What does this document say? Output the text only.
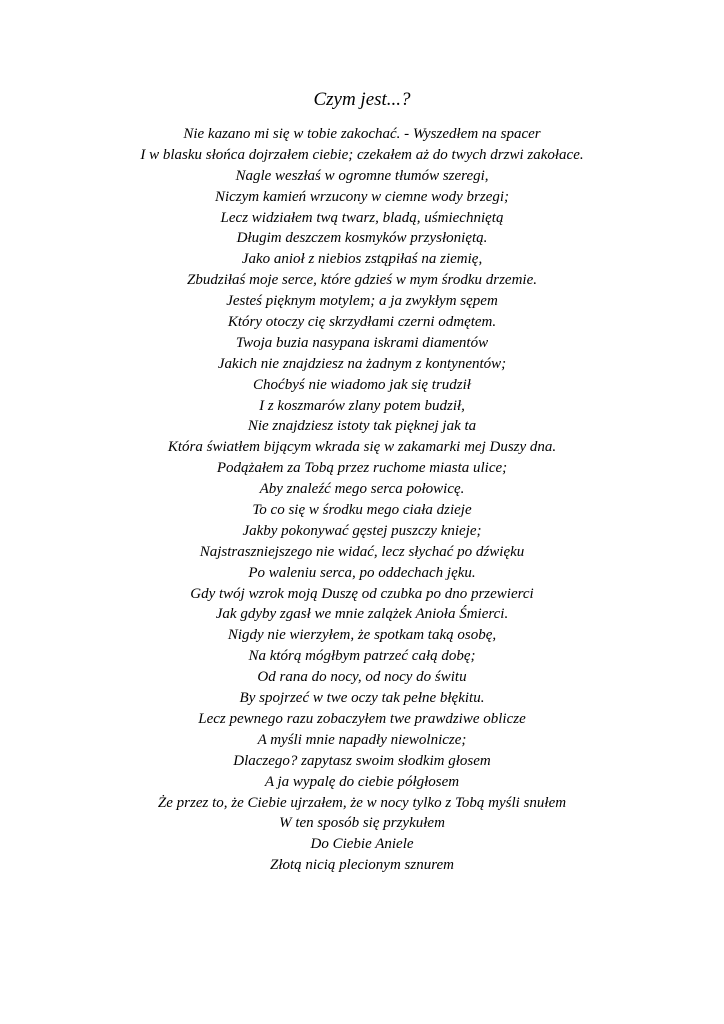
Czym jest...?
Nie kazano mi się w tobie zakochać. - Wyszedłem na spacer
I w blasku słońca dojrzałem ciebie; czekałem aż do twych drzwi zakołace.
Nagle weszłaś w ogromne tłumów szeregi,
Niczym kamień wrzucony w ciemne wody brzegi;
Lecz widziałem twą twarz, bladą, uśmiechniętą
Długim deszczem kosmyków przysłoniętą.
Jako anioł z niebios zstąpiłaś na ziemię,
Zbudziłaś moje serce, które gdzieś w mym środku drzemie.
Jesteś pięknym motylem; a ja zwykłym sępem
Który otoczy cię skrzydłami czerni odmętem.
Twoja buzia nasypana iskrami diamentów
Jakich nie znajdziesz na żadnym z kontynentów;
Choćbyś nie wiadomo jak się trudził
I z koszmarów zlany potem budził,
Nie znajdziesz istoty tak pięknej jak ta
Która światłem bijącym wkrada się w zakamarki mej Duszy dna.
Podążałem za Tobą przez ruchome miasta ulice;
Aby znaleźć mego serca połowicę.
To co się w środku mego ciała dzieje
Jakby pokonywać gęstej puszczy knieje;
Najstraszniejszego nie widać, lecz słychać po dźwięku
Po waleniu serca, po oddechach jęku.
Gdy twój wzrok moją Duszę od czubka po dno przewierci
Jak gdyby zgasł we mnie zalążek Anioła Śmierci.
Nigdy nie wierzyłem, że spotkam taką osobę,
Na którą mógłbym patrzeć całą dobę;
Od rana do nocy, od nocy do świtu
By spojrzeć w twe oczy tak pełne błękitu.
Lecz pewnego razu zobaczyłem twe prawdziwe oblicze
A myśli mnie napadły niewolnicze;
Dlaczego? zapytasz swoim słodkim głosem
A ja wypalę do ciebie półgłosem
Że przez to, że Ciebie ujrzałem, że w nocy tylko z Tobą myśli snułem
W ten sposób się przykułem
Do Ciebie Aniele
Złotą nicią plecionym sznurem
